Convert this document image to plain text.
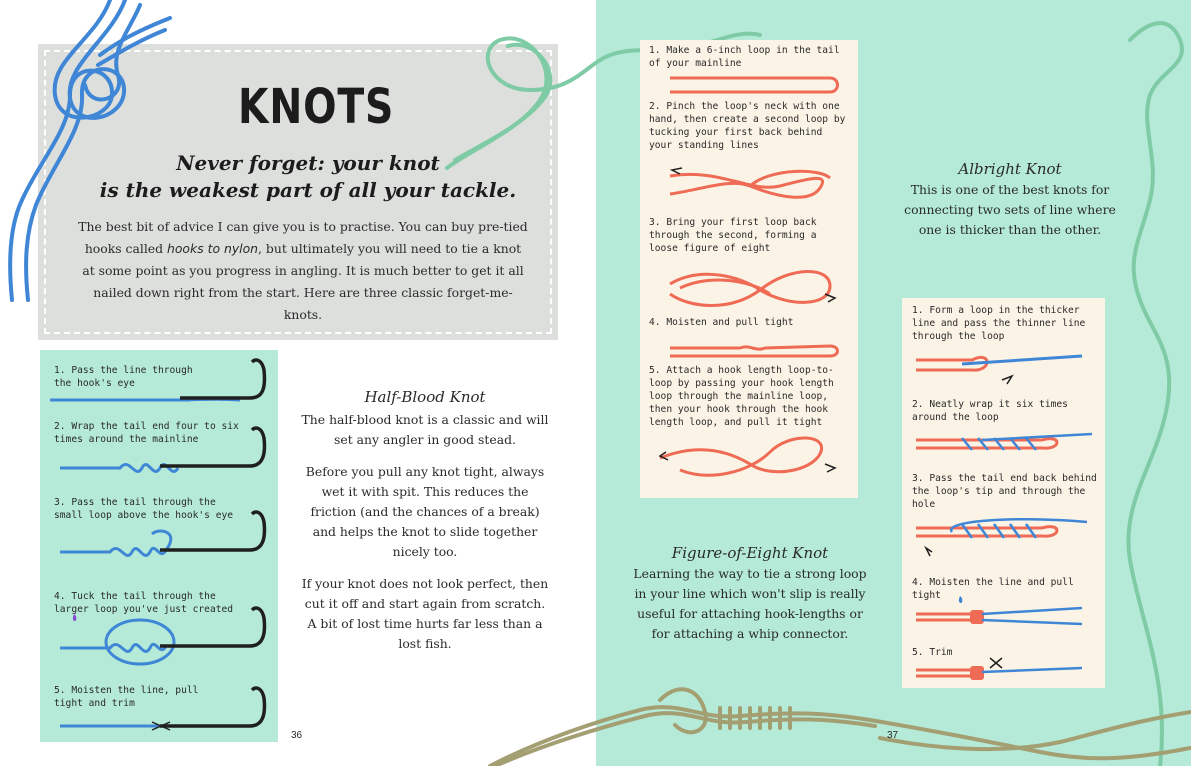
KNOTS
Never forget: your knot
is the weakest part of all your tackle.
The best bit of advice I can give you is to practise. You can buy pre-tied hooks called hooks to nylon, but ultimately you will need to tie a knot at some point as you progress in angling. It is much better to get it all nailed down right from the start. Here are three classic forget-me-knots.
1. Pass the line through the hook's eye
2. Wrap the tail end four to six times around the mainline
3. Pass the tail through the small loop above the hook's eye
4. Tuck the tail through the larger loop you've just created
5. Moisten the line, pull tight and trim
Half-Blood Knot

The half-blood knot is a classic and will set any angler in good stead.

Before you pull any knot tight, always wet it with spit. This reduces the friction (and the chances of a break) and helps the knot to slide together nicely too.

If your knot does not look perfect, then cut it off and start again from scratch. A bit of lost time hurts far less than a lost fish.

36
1. Make a 6-inch loop in the tail of your mainline
2. Pinch the loop's neck with one hand, then create a second loop by tucking your first back behind your standing lines
3. Bring your first loop back through the second, forming a loose figure of eight
4. Moisten and pull tight
5. Attach a hook length loop-to-loop by passing your hook length loop through the mainline loop, then your hook through the hook length loop, and pull it tight
Figure-of-Eight Knot
Learning the way to tie a strong loop in your line which won't slip is really useful for attaching hook-lengths or for attaching a whip connector.
Albright Knot
This is one of the best knots for connecting two sets of line where one is thicker than the other.
1. Form a loop in the thicker line and pass the thinner line through the loop
2. Neatly wrap it six times around the loop
3. Pass the tail end back behind the loop's tip and through the hole
4. Moisten the line and pull tight
5. Trim
37
